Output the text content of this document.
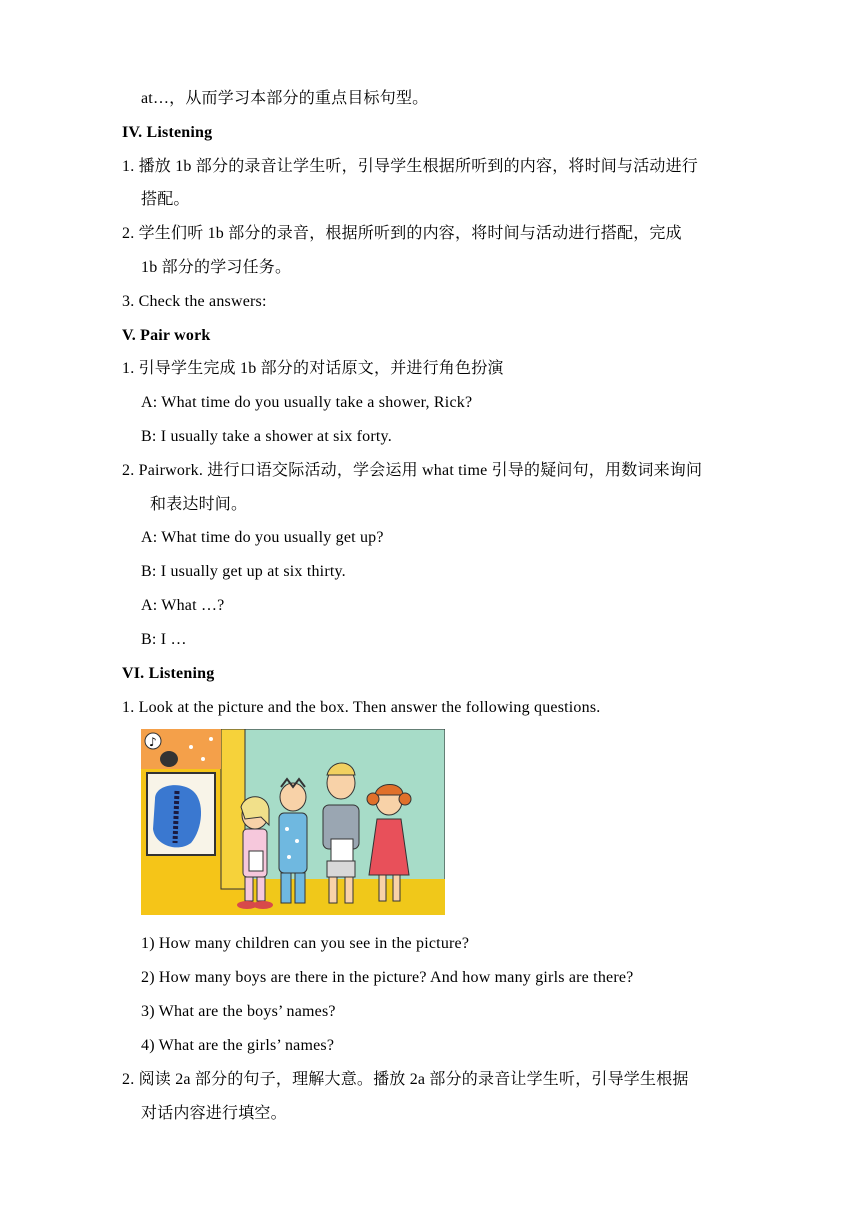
at…，从而学习本部分的重点目标句型。
IV. Listening
1. 播放 1b 部分的录音让学生听，引导学生根据所听到的内容，将时间与活动进行
搭配。
2. 学生们听 1b 部分的录音，根据所听到的内容，将时间与活动进行搭配，完成
1b 部分的学习任务。
3. Check the answers:
V. Pair work
1. 引导学生完成 1b 部分的对话原文，并进行角色扮演
A: What time do you usually take a shower, Rick?
B: I usually take a shower at six forty.
2. Pairwork. 进行口语交际活动，学会运用 what time 引导的疑问句，用数词来询问
和表达时间。
A: What time do you usually get up?
B: I usually get up at six thirty.
A: What …?
B: I …
VI. Listening
1. Look at the picture and the box. Then answer the following questions.
♪
1) How many children can you see in the picture?
2) How many boys are there in the picture? And how many girls are there?
3) What are the boys’ names?
4) What are the girls’ names?
2. 阅读 2a 部分的句子，理解大意。播放 2a 部分的录音让学生听，引导学生根据
对话内容进行填空。
